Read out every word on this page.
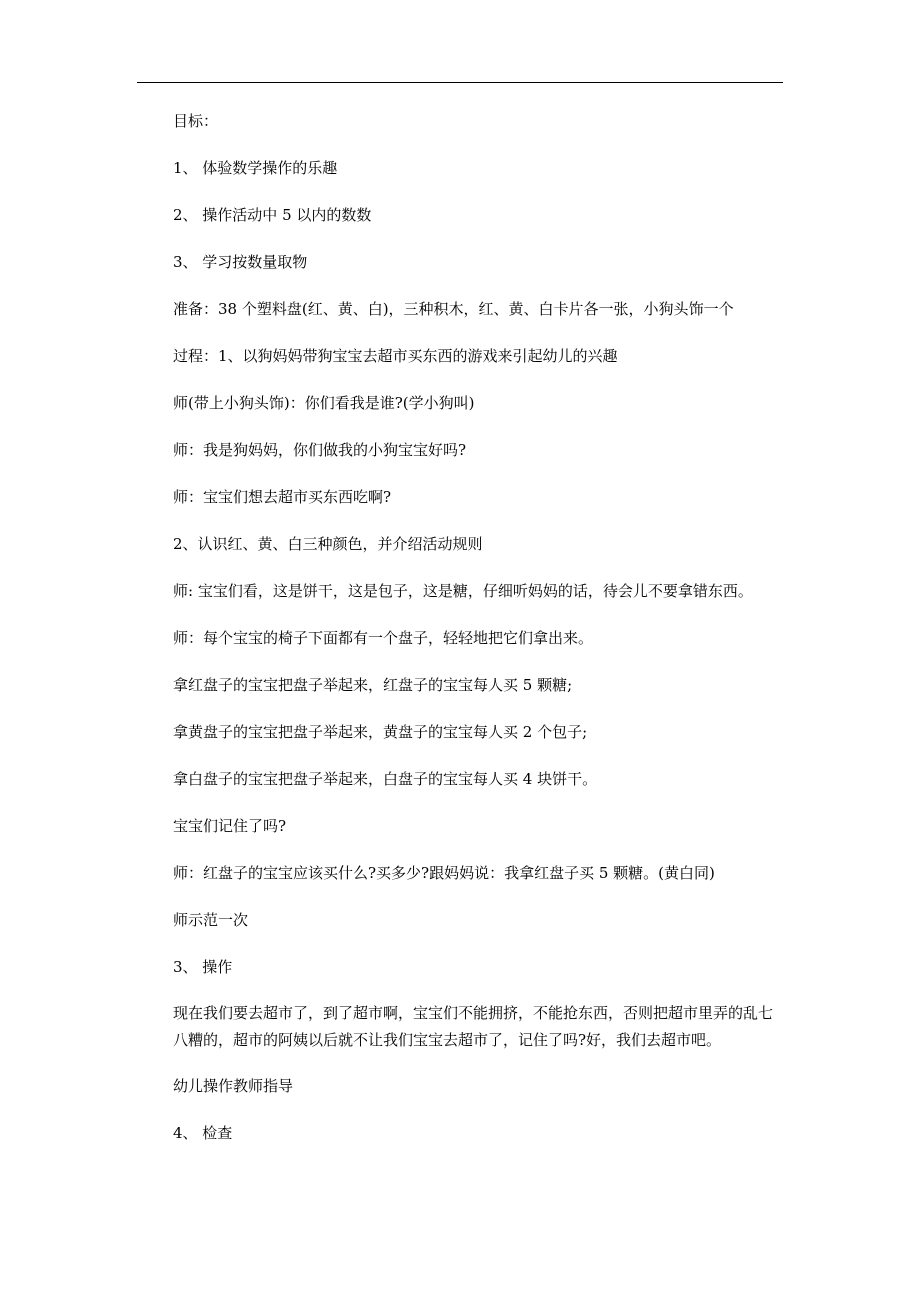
目标：

1、 体验数学操作的乐趣

2、 操作活动中 5 以内的数数

3、 学习按数量取物

准备：38 个塑料盘(红、黄、白)，三种积木，红、黄、白卡片各一张，小狗头饰一个

过程：1、以狗妈妈带狗宝宝去超市买东西的游戏来引起幼儿的兴趣

师(带上小狗头饰)：你们看我是谁?(学小狗叫)

师：我是狗妈妈，你们做我的小狗宝宝好吗?

师：宝宝们想去超市买东西吃啊?

2、认识红、黄、白三种颜色，并介绍活动规则

师: 宝宝们看，这是饼干，这是包子，这是糖，仔细听妈妈的话，待会儿不要拿错东西。

师：每个宝宝的椅子下面都有一个盘子，轻轻地把它们拿出来。

拿红盘子的宝宝把盘子举起来，红盘子的宝宝每人买 5 颗糖;

拿黄盘子的宝宝把盘子举起来，黄盘子的宝宝每人买 2 个包子;

拿白盘子的宝宝把盘子举起来，白盘子的宝宝每人买 4 块饼干。

宝宝们记住了吗?

师：红盘子的宝宝应该买什么?买多少?跟妈妈说：我拿红盘子买 5 颗糖。(黄白同)

师示范一次

3、 操作

现在我们要去超市了，到了超市啊，宝宝们不能拥挤，不能抢东西，否则把超市里弄的乱七八糟的，超市的阿姨以后就不让我们宝宝去超市了，记住了吗?好，我们去超市吧。

幼儿操作教师指导

4、 检查
